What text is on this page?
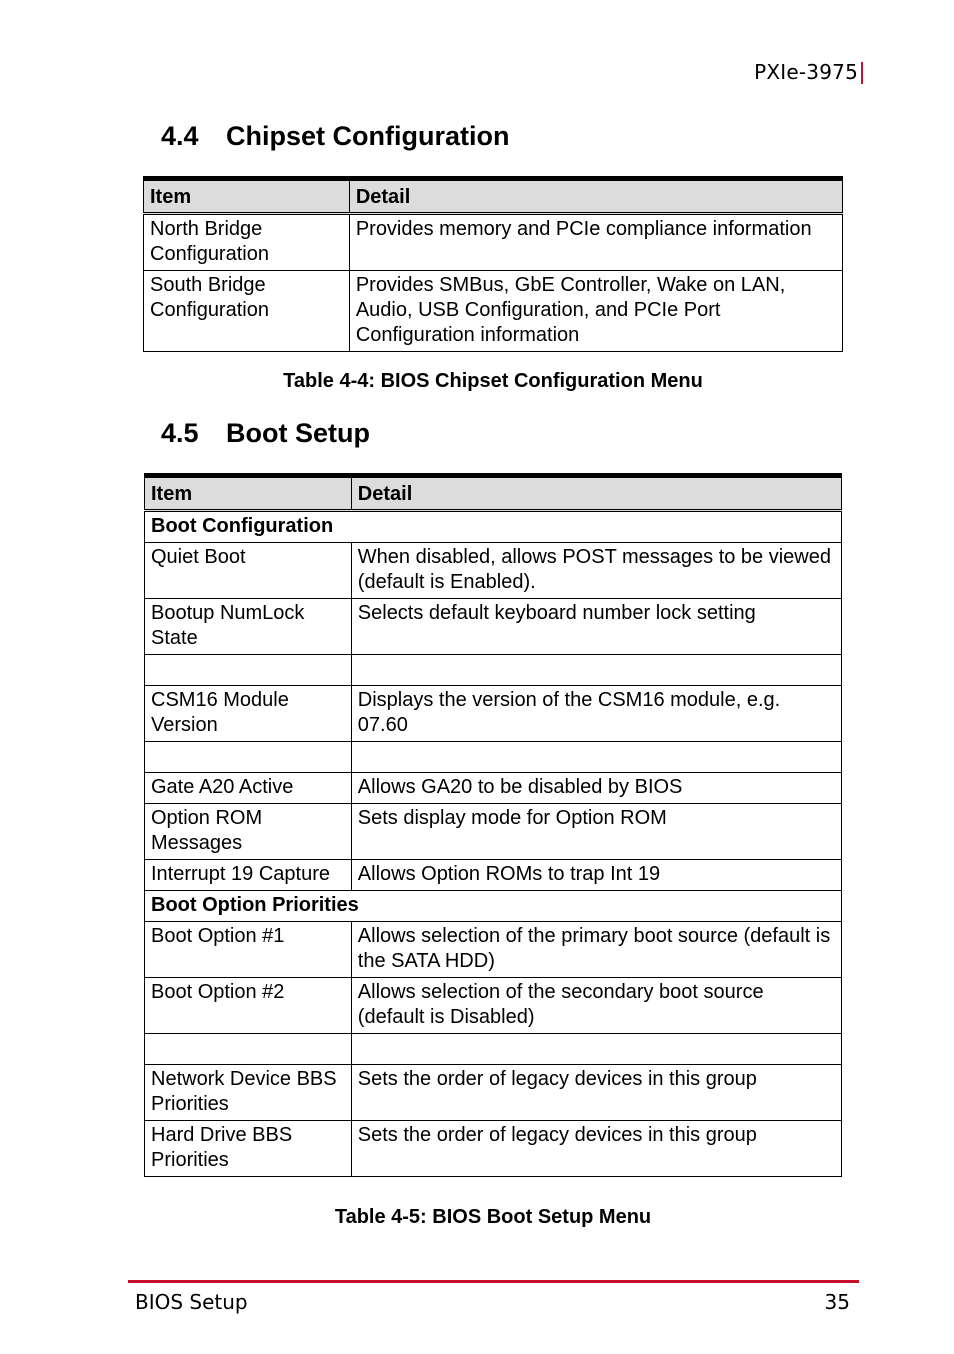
PXIe-3975
4.4 Chipset Configuration
Item	Detail
North Bridge Configuration	Provides memory and PCIe compliance information
South Bridge Configuration	Provides SMBus, GbE Controller, Wake on LAN, Audio, USB Configuration, and PCIe Port Configuration information
Table 4-4: BIOS Chipset Configuration Menu
4.5 Boot Setup
Item	Detail
Boot Configuration	
Quiet Boot	When disabled, allows POST messages to be viewed (default is Enabled).
Bootup NumLock State	Selects default keyboard number lock setting

CSM16 Module Version	Displays the version of the CSM16 module, e.g. 07.60

Gate A20 Active	Allows GA20 to be disabled by BIOS
Option ROM Messages	Sets display mode for Option ROM
Interrupt 19 Capture	Allows Option ROMs to trap Int 19
Boot Option Priorities	
Boot Option #1	Allows selection of the primary boot source (default is the SATA HDD)
Boot Option #2	Allows selection of the secondary boot source (default is Disabled)

Network Device BBS Priorities	Sets the order of legacy devices in this group
Hard Drive BBS Priorities	Sets the order of legacy devices in this group
Table 4-5: BIOS Boot Setup Menu
BIOS Setup	35
